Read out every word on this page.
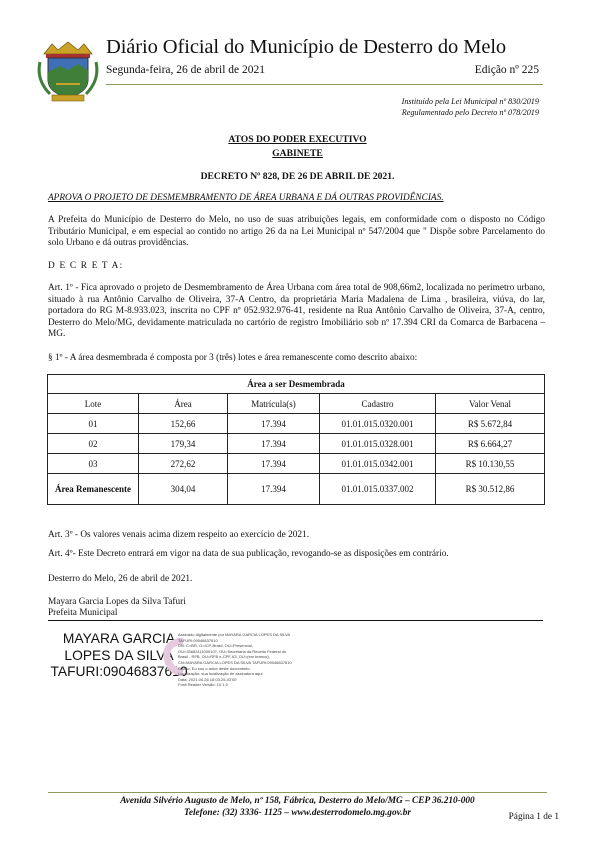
Diário Oficial do Município de Desterro do Melo
Segunda-feira, 26 de abril de 2021	Edição nº 225
Instituído pela Lei Municipal nº 830/2019
Regulamentado pelo Decreto nº 078/2019
ATOS DO PODER EXECUTIVO
GABINETE
DECRETO Nº 828, DE 26 DE ABRIL DE 2021.
APROVA O PROJETO DE DESMEMBRAMENTO DE ÁREA URBANA E DÁ OUTRAS PROVIDÊNCIAS.
A Prefeita do Município de Desterro do Melo, no uso de suas atribuições legais, em conformidade com o disposto no Código Tributário Municipal, e em especial ao contido no artigo 26 da na Lei Municipal nº 547/2004 que " Dispõe sobre Parcelamento do solo Urbano e dá outras providências.
D E C R E T A:
Art. 1º - Fica aprovado o projeto de Desmembramento de Área Urbana com área total de 908,66m2, localizada no perímetro urbano, situado à rua Antônio Carvalho de Oliveira, 37-A Centro, da proprietária Maria Madalena de Lima , brasileira, viúva, do lar, portadora do RG M-8.933.023, inscrita no CPF nº 052.932.976-41, residente na Rua Antônio Carvalho de Oliveira, 37-A, centro, Desterro do Melo/MG, devidamente matriculada no cartório de registro Imobiliário sob nº 17.394 CRI da Comarca de Barbacena –MG.
§ 1º - A área desmembrada é composta por 3 (três) lotes e área remanescente como descrito abaixo:
Área a ser Desmembrada				
Lote	Área	Matrícula(s)	Cadastro	Valor Venal
01	152,66	17.394	01.01.015.0320.001	R$ 5.672,84
02	179,34	17.394	01.01.015.0328.001	R$ 6.664,27
03	272,62	17.394	01.01.015.0342.001	R$ 10.130,55
Área Remanescente	304,04	17.394	01.01.015.0337.002	R$ 30.512,86
Art. 3º - Os valores venais acima dizem respeito ao exercício de 2021.
Art. 4º- Este Decreto entrará em vigor na data de sua publicação, revogando-se as disposições em contrário.
Desterro do Melo, 26 de abril de 2021.
Mayara Garcia Lopes da Silva Tafuri
Prefeita Municipal
MAYARA GARCIA
LOPES DA SILVA
TAFURI:09046837610
Assinado digitalmente por MAYARA GARCIA LOPES DA SILVA
TAFURI:09046837610
DN: C=BR, O=ICP-Brasil, OU=Presencial,
OU=33683111000107, OU=Secretaria da Receita Federal do
Brasil - RFB, OU=RFB e-CPF A3, OU=(em branco),
CN=MAYARA GARCIA LOPES DA SILVA TAFURI:09046837610
Razão: Eu sou o autor deste documento
Localização: sua localização de assinatura aqui
Data: 2021.04.26 16:03:25-03'00'
Foxit Reader Versão: 10.1.0
Avenida Silvério Augusto de Melo, nº 158, Fábrica, Desterro do Melo/MG – CEP 36.210-000
Telefone: (32) 3336- 1125 – www.desterrodomelo.mg.gov.br	Página 1 de 1
